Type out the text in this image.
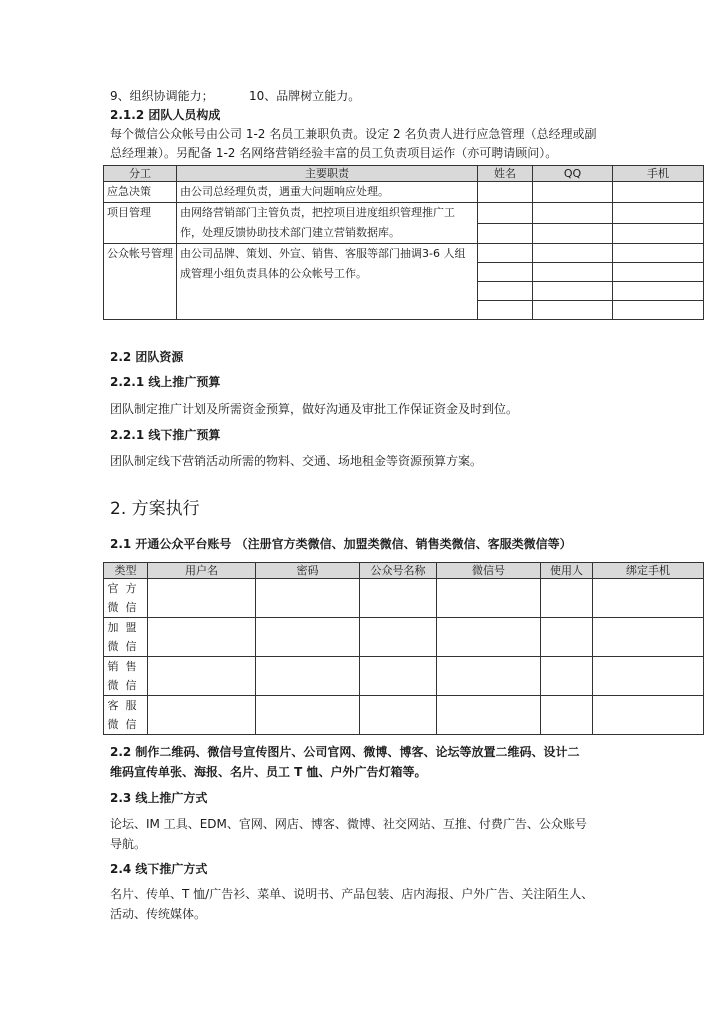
9、组织协调能力；	10、品牌树立能力。
2.1.2 团队人员构成
每个微信公众帐号由公司 1-2 名员工兼职负责。设定 2 名负责人进行应急管理（总经理或副
总经理兼）。另配备 1-2 名网络营销经验丰富的员工负责项目运作（亦可聘请顾问）。
分工	主要职责	姓名	QQ	手机
应急决策	由公司总经理负责，遇重大问题响应处理。			
项目管理	由网络营销部门主管负责，把控项目进度组织管理推广工作，处理反馈协助技术部门建立营销数据库。			

公众帐号管理	由公司品牌、策划、外宣、销售、客服等部门抽调3-6 人组成管理小组负责具体的公众帐号工作。			

2.2 团队资源
2.2.1 线上推广预算
团队制定推广计划及所需资金预算，做好沟通及审批工作保证资金及时到位。
2.2.1 线下推广预算
团队制定线下营销活动所需的物料、交通、场地租金等资源预算方案。
2. 方案执行
2.1 开通公众平台账号 （注册官方类微信、加盟类微信、销售类微信、客服类微信等）
类型	用户名	密码	公众号名称	微信号	使用人	绑定手机

官方
微信						

加盟
微信						

销售
微信						

客服
微信						

2.2 制作二维码、微信号宣传图片、公司官网、微博、博客、论坛等放置二维码、设计二
维码宣传单张、海报、名片、员工 T 恤、户外广告灯箱等。
2.3 线上推广方式
论坛、IM 工具、EDM、官网、网店、博客、微博、社交网站、互推、付费广告、公众账号
导航。
2.4 线下推广方式
名片、传单、T 恤/广告衫、菜单、说明书、产品包装、店内海报、户外广告、关注陌生人、
活动、传统媒体。
